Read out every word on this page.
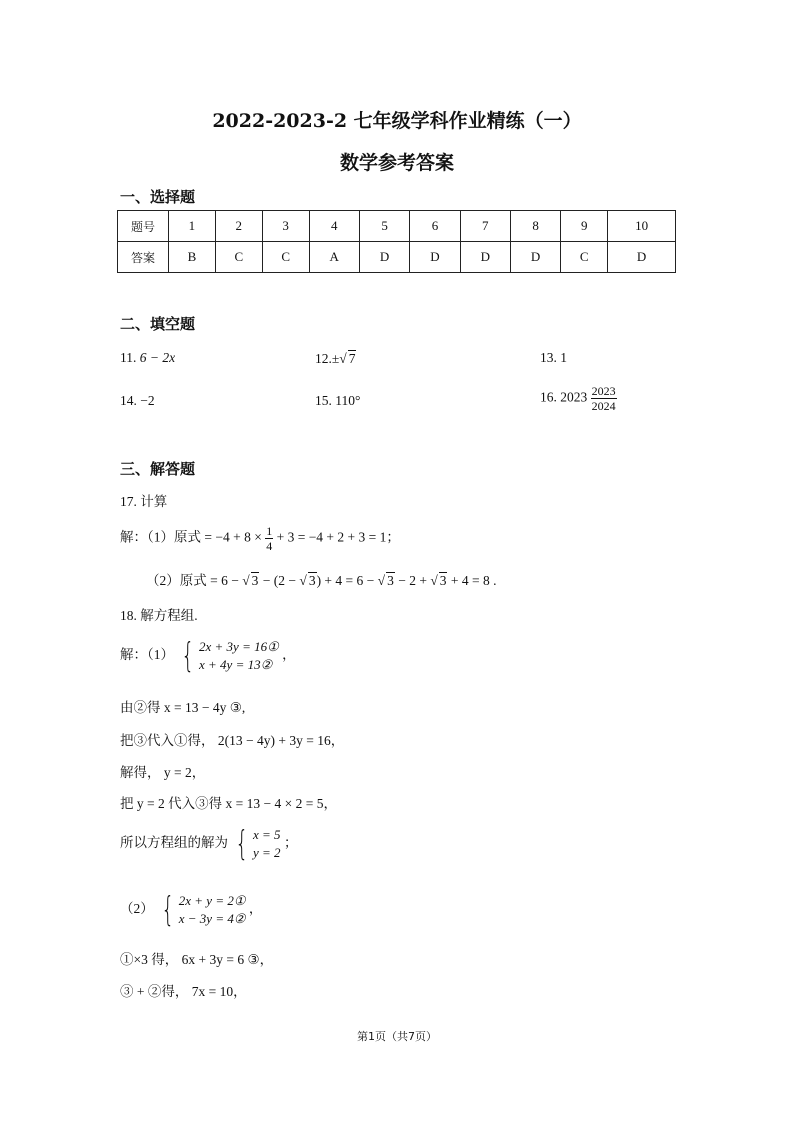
2022-2023-2 七年级学科作业精练（一）
数学参考答案
一、选择题
题号	1	2	3	4	5	6	7	8	9	10
答案	B	C	C	A	D	D	D	D	C	D
二、填空题
11. 6 − 2x	12.±√ 7	13. 1
14. −2	15. 110°	16. $2023 \frac{2023}{2024}$
三、解答题
17. 计算
解：（1）原式 = $-4 + 8 \times \frac{1}{4} + 3 = -4 + 2 + 3 = 1$；
（2）原式 = 6 − √ 3 − (2 − √ 3) + 4 = 6 − √ 3 − 2 + √ 3 + 4 = 8 .
18. 解方程组.
解：（1） { 2x + 3y = 16①
x + 4y = 13②
，
由②得 x = 13 − 4y ③,
把③代入①得， 2(13 − 4y) + 3y = 16，
解得， y = 2，
把 y = 2 代入③得 x = 13 − 4 × 2 = 5，
所以方程组的解为 { x = 5
y = 2
；
（2） { 2x + y = 2①
x − 3y = 4②
，
①×3 得， 6x + 3y = 6 ③，
③ + ②得， 7x = 10，
第1页（共7页）
